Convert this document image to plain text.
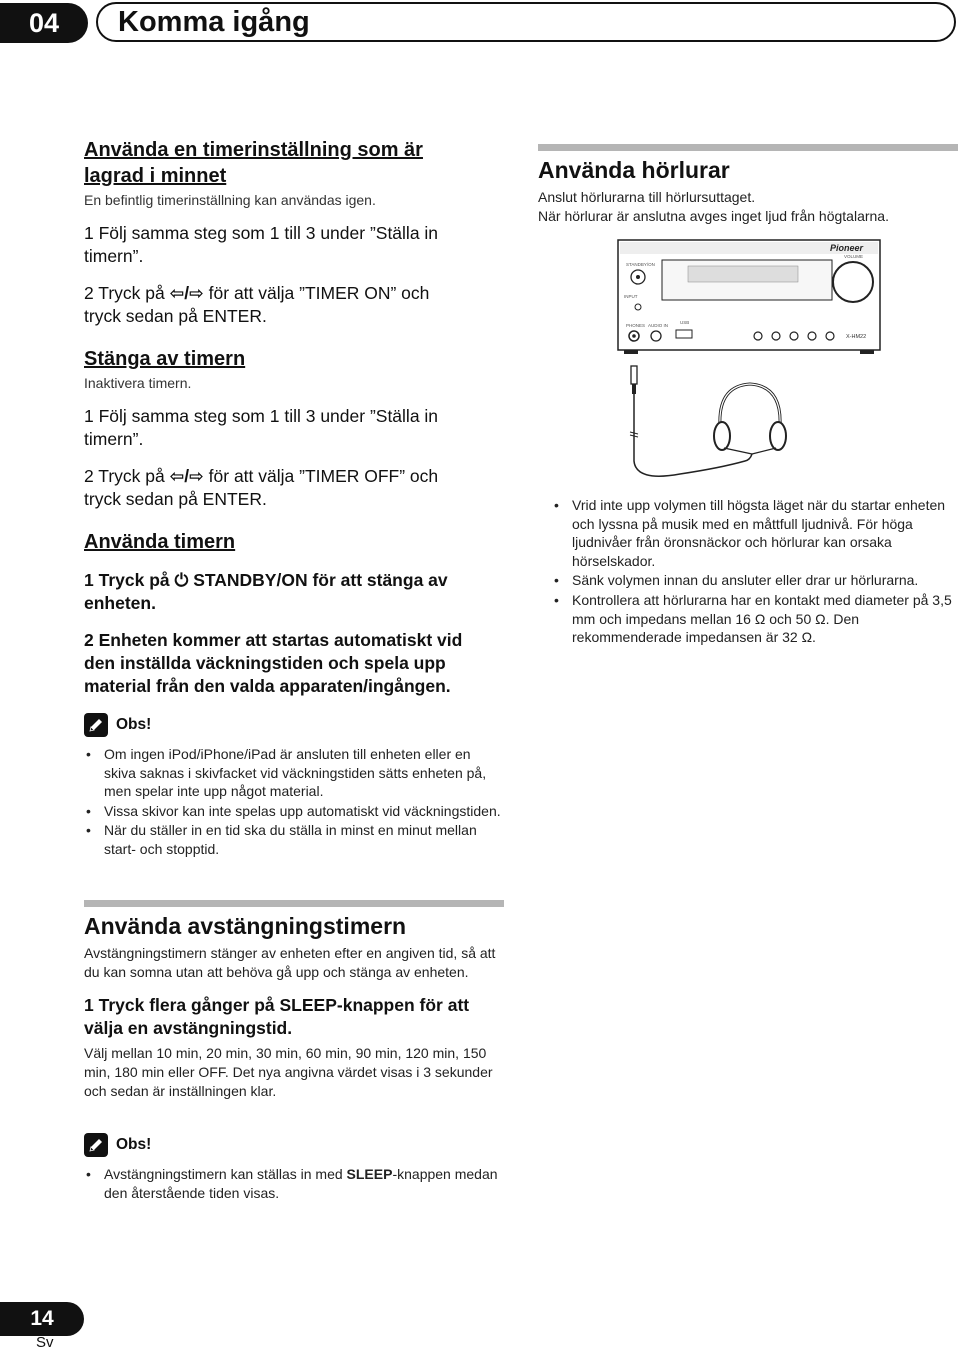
04	Komma igång

Använda en timerinställning som är

lagrad i minnet

En befintlig timerinställning kan användas igen.
1 Följ samma steg som 1 till 3 under ”Ställa in
timern”.
2 Tryck på ⇦/⇨ för att välja ”TIMER ON” och
tryck sedan på ENTER.

Stänga av timern

Inaktivera timern.
1 Följ samma steg som 1 till 3 under ”Ställa in
timern”.
2 Tryck på ⇦/⇨ för att välja ”TIMER OFF” och
tryck sedan på ENTER.

Använda timern

1 Tryck på ⏻ STANDBY/ON för att stänga av
enheten.
2 Enheten kommer att startas automatiskt vid
den inställda väckningstiden och spela upp
material från den valda apparaten/ingången.
Obs!
• Om ingen iPod/iPhone/iPad är ansluten till enheten eller en skiva saknas i skivfacket vid väckningstiden sätts enheten på, men spelar inte upp något material.
• Vissa skivor kan inte spelas upp automatiskt vid väckningstiden.
• När du ställer in en tid ska du ställa in minst en minut mellan start- och stopptid.

Använda avstängningstimern

Avstängningstimern stänger av enheten efter en angiven tid, så att du kan somna utan att behöva gå upp och stänga av enheten.
1 Tryck flera gånger på SLEEP-knappen för att
välja en avstängningstid.
Välj mellan 10 min, 20 min, 30 min, 60 min, 90 min, 120 min, 150 min, 180 min eller OFF. Det nya angivna värdet visas i 3 sekunder och sedan är inställningen klar.
Obs!
• Avstängningstimern kan ställas in med SLEEP-knappen medan den återstående tiden visas.

Använda hörlurar

Anslut hörlurarna till hörlursuttaget.
När hörlurar är anslutna avges inget ljud från högtalarna.
Pioneer
STANDBY/ON
INPUT
VOLUME
PHONES AUDIO IN
USB
X-HM22
• Vrid inte upp volymen till högsta läget när du startar enheten och lyssna på musik med en måttfull ljudnivå. För höga ljudnivåer från öronsnäckor och hörlurar kan orsaka hörselskador.
• Sänk volymen innan du ansluter eller drar ur hörlurarna.
• Kontrollera att hörlurarna har en kontakt med diameter på 3,5 mm och impedans mellan 16 Ω och 50 Ω. Den rekommenderade impedansen är 32 Ω.
14
Sv
